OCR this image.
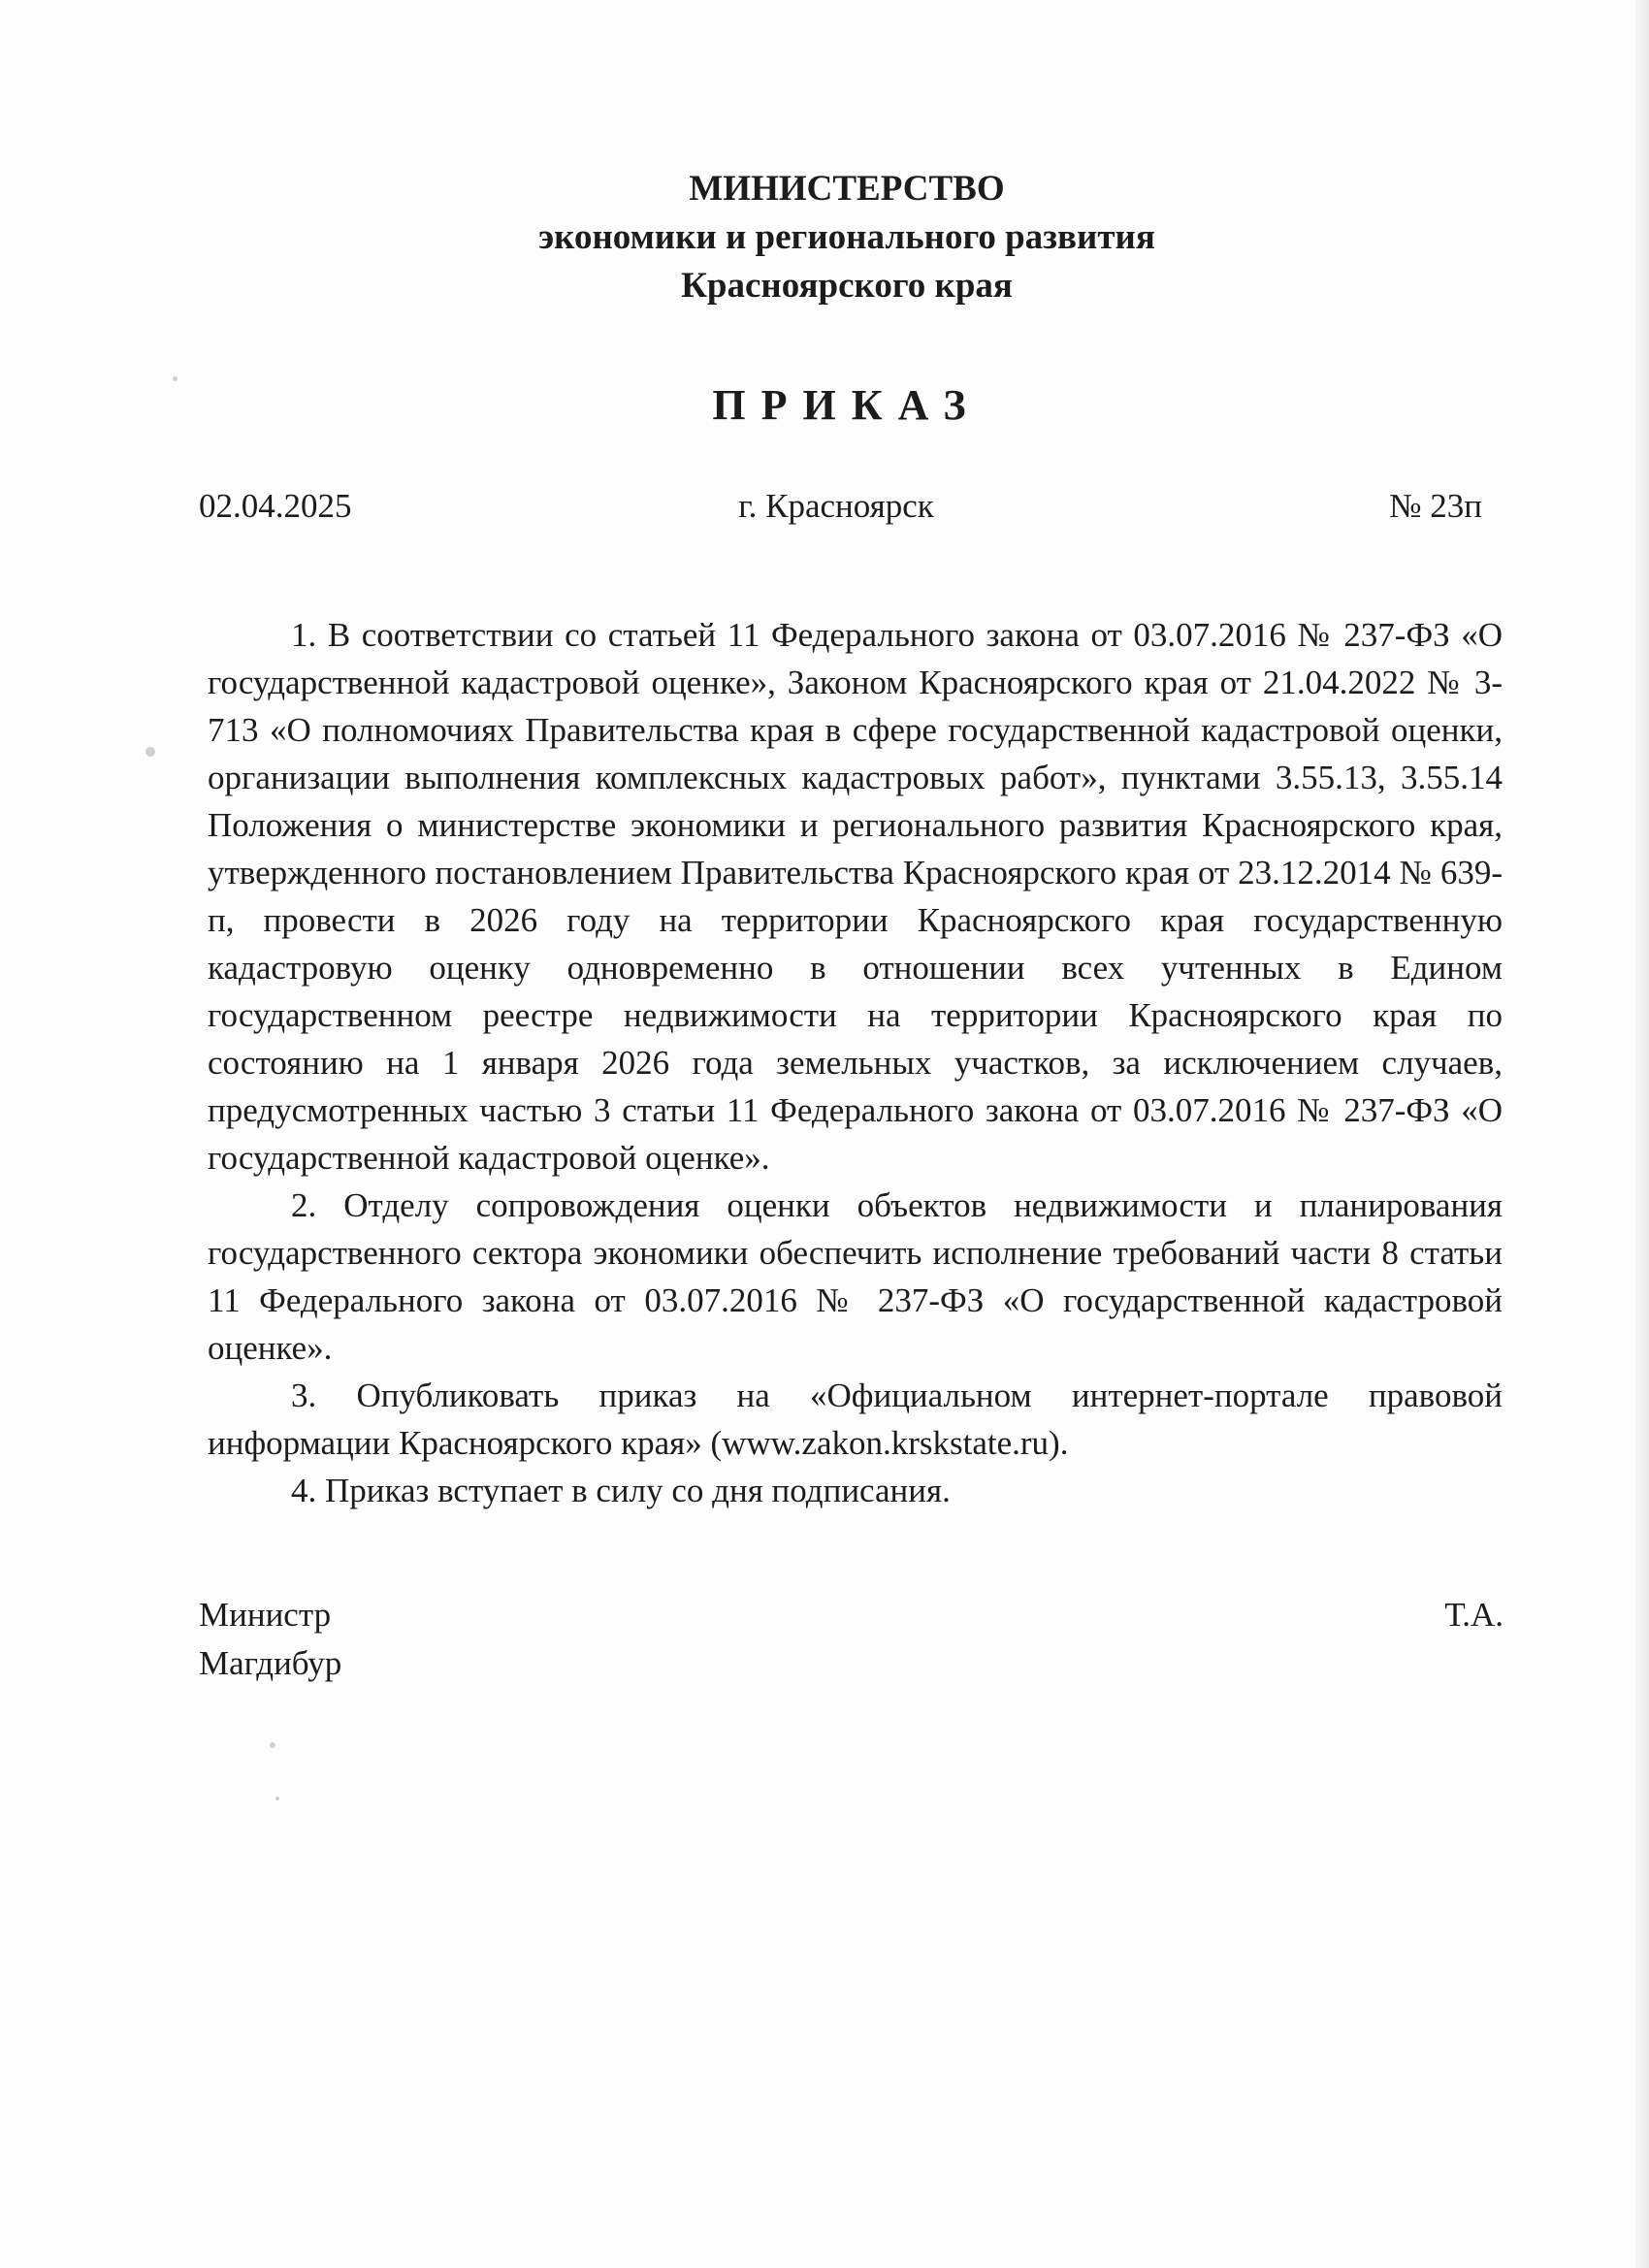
МИНИСТЕРСТВО
экономики и регионального развития
Красноярского края
ПРИКАЗ
02.04.2025	г. Красноярск	№ 23п

1. В соответствии со статьей 11 Федерального закона от 03.07.2016 № 237-ФЗ «О государственной кадастровой оценке», Законом Красноярского края от 21.04.2022 № 3-713 «О полномочиях Правительства края в сфере государственной кадастровой оценки, организации выполнения комплексных кадастровых работ», пунктами 3.55.13, 3.55.14 Положения о министерстве экономики и регионального развития Красноярского края, утвержденного постановлением Правительства Красноярского края от 23.12.2014 № 639-п, провести в 2026 году на территории Красноярского края государственную кадастровую оценку одновременно в отношении всех учтенных в Едином государственном реестре недвижимости на территории Красноярского края по состоянию на 1 января 2026 года земельных участков, за исключением случаев, предусмотренных частью 3 статьи 11 Федерального закона от 03.07.2016 № 237-ФЗ «О государственной кадастровой оценке».

2. Отделу сопровождения оценки объектов недвижимости и планирования государственного сектора экономики обеспечить исполнение требований части 8 статьи 11 Федерального закона от 03.07.2016 № 237-ФЗ «О государственной кадастровой оценке».

3. Опубликовать приказ на «Официальном интернет-портале правовой информации Красноярского края» (www.zakon.krskstate.ru).

4. Приказ вступает в силу со дня подписания.

Министр
Магдибур
Т.А.
